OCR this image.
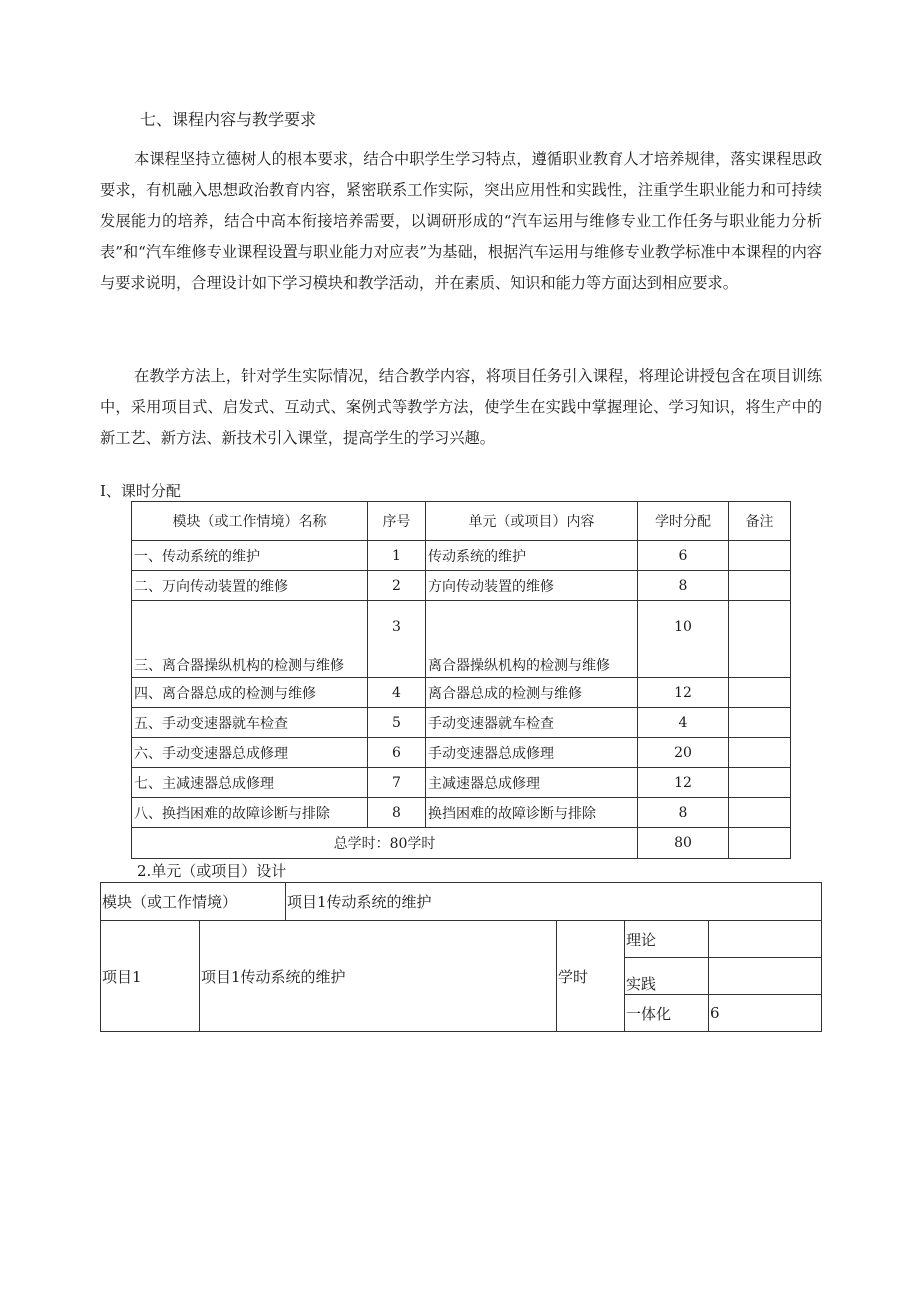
七、课程内容与教学要求
本课程坚持立德树人的根本要求，结合中职学生学习特点，遵循职业教育人才培养规律，落实课程思政要求，有机融入思想政治教育内容，紧密联系工作实际，突出应用性和实践性，注重学生职业能力和可持续发展能力的培养，结合中高本衔接培养需要，以调研形成的“汽车运用与维修专业工作任务与职业能力分析表”和“汽车维修专业课程设置与职业能力对应表”为基础，根据汽车运用与维修专业教学标准中本课程的内容与要求说明，合理设计如下学习模块和教学活动，并在素质、知识和能力等方面达到相应要求。
在教学方法上，针对学生实际情况，结合教学内容，将项目任务引入课程，将理论讲授包含在项目训练中，采用项目式、启发式、互动式、案例式等教学方法，使学生在实践中掌握理论、学习知识，将生产中的新工艺、新方法、新技术引入课堂，提高学生的学习兴趣。
I、课时分配
模块（或工作情境）名称	序号	单元（或项目）内容	学时分配	备注
一、传动系统的维护	1	传动系统的维护	6	
二、万向传动装置的维修	2	方向传动装置的维修	8	
三、离合器操纵机构的检测与维修	3	离合器操纵机构的检测与维修	10	
四、离合器总成的检测与维修	4	离合器总成的检测与维修	12	
五、手动变速器就车检查	5	手动变速器就车检查	4	
六、手动变速器总成修理	6	手动变速器总成修理	20	
七、主减速器总成修理	7	主减速器总成修理	12	
八、换挡困难的故障诊断与排除	8	换挡困难的故障诊断与排除	8	
总学时：80学时			80	
2.单元（或项目）设计
模块（或工作情境）		项目1传动系统的维护			
项目1	项目1传动系统的维护		学时	理论	
				实践	
				一体化	6
